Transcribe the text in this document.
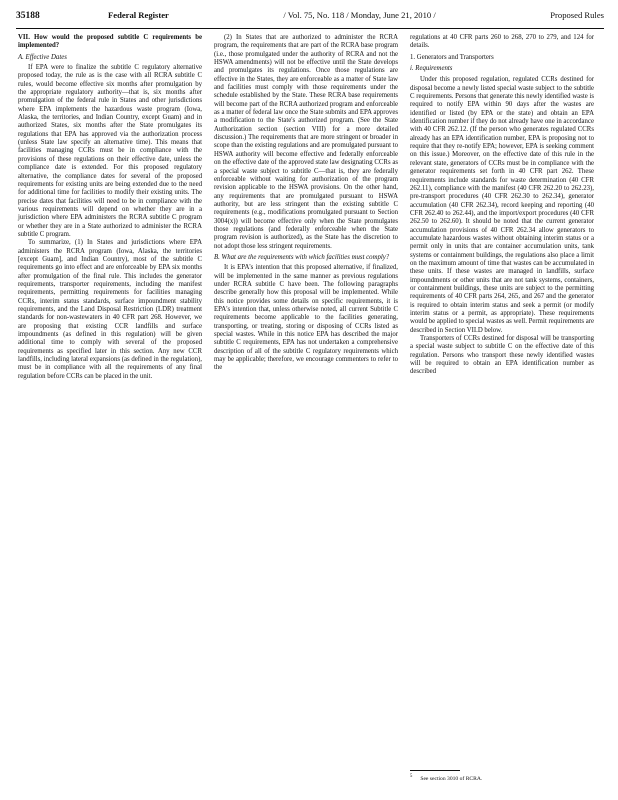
35188	Federal Register	/ Vol. 75, No. 118 / Monday, June 21, 2010 /	Proposed Rules

VII. How would the proposed subtitle C requirements be implemented?

A. Effective Dates

If EPA were to finalize the subtitle C regulatory alternative proposed today, the rule as is the case with all RCRA subtitle C rules, would become effective six months after promulgation by the appropriate regulatory authority—that is, six months after promulgation of the federal rule in States and other jurisdictions where EPA implements the hazardous waste program (Iowa, Alaska, the territories, and Indian Country, except Guam) and in authorized States, six months after the State promulgates its regulations that EPA has approved via the authorization process (unless State law specify an alternative time). This means that facilities managing CCRs must be in compliance with the provisions of these regulations on their effective date, unless the compliance date is extended. For this proposed regulatory alternative, the compliance dates for several of the proposed requirements for existing units are being extended due to the need for additional time for facilities to modify their existing units. The precise dates that facilities will need to be in compliance with the various requirements will depend on whether they are in a jurisdiction where EPA administers the RCRA subtitle C program or whether they are in a State authorized to administer the RCRA subtitle C program.

To summarize, (1) In States and jurisdictions where EPA administers the RCRA program (Iowa, Alaska, the territories [except Guam], and Indian Country), most of the subtitle C requirements go into effect and are enforceable by EPA six months after promulgation of the final rule. This includes the generator requirements, transporter requirements, including the manifest requirements, permitting requirements for facilities managing CCRs, interim status standards, surface impoundment stability requirements, and the Land Disposal Restriction (LDR) treatment standards for non-wastewaters in 40 CFR part 268. However, we are proposing that existing CCR landfills and surface impoundments (as defined in this regulation) will be given additional time to comply with several of the proposed requirements as specified later in this section. Any new CCR landfills, including lateral expansions (as defined in the regulation), must be in compliance with all the requirements of any final regulation before CCRs can be placed in the unit.

(2) In States that are authorized to administer the RCRA program, the requirements that are part of the RCRA base program (i.e., those promulgated under the authority of RCRA and not the HSWA amendments) will not be effective until the State develops and promulgates its regulations. Once those regulations are effective in the States, they are enforceable as a matter of State law and facilities must comply with those requirements under the schedule established by the State. These RCRA base requirements will become part of the RCRA authorized program and enforceable as a matter of federal law once the State submits and EPA approves a modification to the State's authorized program. (See the State Authorization section (section VIII) for a more detailed discussion.) The requirements that are more stringent or broader in scope than the existing regulations and are promulgated pursuant to HSWA authority will become effective and federally enforceable on the effective date of the approved state law designating CCRs as a special waste subject to subtitle C—that is, they are federally enforceable without waiting for authorization of the program revision applicable to the HSWA provisions. On the other hand, any requirements that are promulgated pursuant to HSWA authority, but are less stringent than the existing subtitle C requirements (e.g., modifications promulgated pursuant to Section 3004(x)) will become effective only when the State promulgates those regulations (and federally enforceable when the State program revision is authorized), as the State has the discretion to not adopt those less stringent requirements.

B. What are the requirements with which facilities must comply?

It is EPA's intention that this proposed alternative, if finalized, will be implemented in the same manner as previous regulations under RCRA subtitle C have been. The following paragraphs describe generally how this proposal will be implemented. While this notice provides some details on specific requirements, it is EPA's intention that, unless otherwise noted, all current Subtitle C requirements become applicable to the facilities generating, transporting, or treating, storing or disposing of CCRs listed as special wastes. While in this notice EPA has described the major subtitle C requirements, EPA has not undertaken a comprehensive description of all of the subtitle C regulatory requirements which may be applicable; therefore, we encourage commenters to refer to the

regulations at 40 CFR parts 260 to 268, 270 to 279, and 124 for details.

1. Generators and Transporters

i. Requirements

Under this proposed regulation, regulated CCRs destined for disposal become a newly listed special waste subject to the subtitle C requirements. Persons that generate this newly identified waste is required to notify EPA within 90 days after the wastes are identified or listed (by EPA or the state) and obtain an EPA identification number if they do not already have one in accordance with 40 CFR 262.12. (If the person who generates regulated CCRs already has an EPA identification number, EPA is proposing not to require that they re-notify EPA; however, EPA is seeking comment on this issue.) Moreover, on the effective date of this rule in the relevant state, generators of CCRs must be in compliance with the generator requirements set forth in 40 CFR part 262. These requirements include standards for waste determination (40 CFR 262.11), compliance with the manifest (40 CFR 262.20 to 262.23), pre-transport procedures (40 CFR 262.30 to 262.34), generator accumulation (40 CFR 262.34), record keeping and reporting (40 CFR 262.40 to 262.44), and the import/export procedures (40 CFR 262.50 to 262.60). It should be noted that the current generator accumulation provisions of 40 CFR 262.34 allow generators to accumulate hazardous wastes without obtaining interim status or a permit only in units that are container accumulation units, tank systems or containment buildings, the regulations also place a limit on the maximum amount of time that wastes can be accumulated in these units. If these wastes are managed in landfills, surface impoundments or other units that are not tank systems, containers, or containment buildings, these units are subject to the permitting requirements of 40 CFR parts 264, 265, and 267 and the generator is required to obtain interim status and seek a permit (or modify interim status or a permit, as appropriate). These requirements would be applied to special wastes as well. Permit requirements are described in Section VII.D below.

Transporters of CCRs destined for disposal will be transporting a special waste subject to subtitle C on the effective date of this regulation. Persons who transport these newly identified wastes will be required to obtain an EPA identification number as described

$^5$ See section 3010 of RCRA.
